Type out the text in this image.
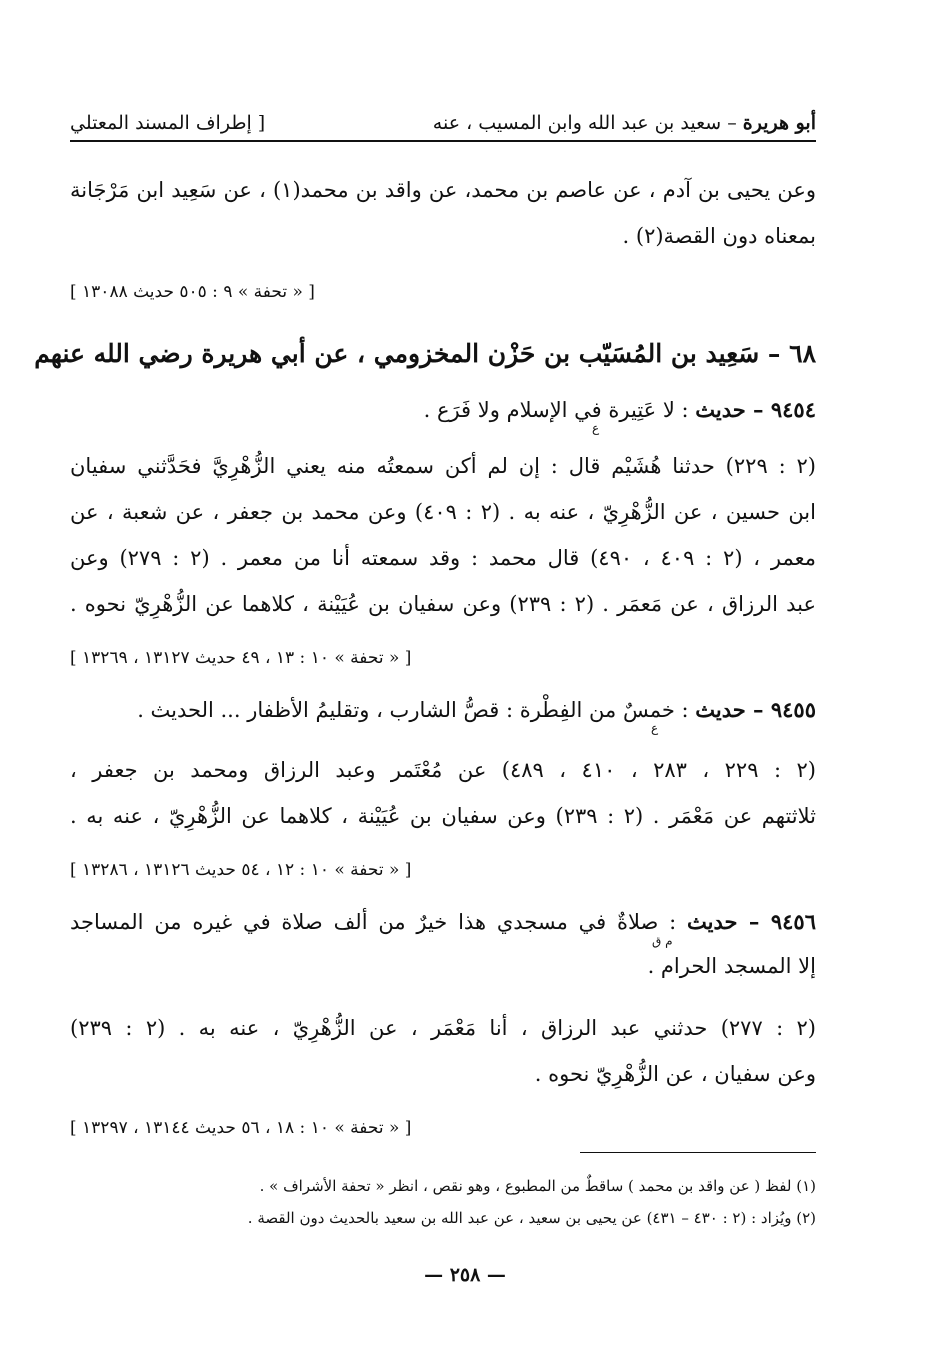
أبو هريرة – سعيد بن عبد الله وابن المسيب ، عنه
[ إطراف المسند المعتلي
وعن يحيى بن آدم ، عن عاصم بن محمد، عن واقد بن محمد(١) ، عن سَعِيد ابن مَرْجَانة
بمعناه دون القصة(٢) .
[ « تحفة » ٩ : ٥٠٥ حديث ١٣٠٨٨ ]
٦٨ – سَعِيد بن المُسَيّب بن حَزْن المخزومي ، عن أبي هريرة رضي الله عنهم
٩٤٥٤ – حديث : لا عَتِيرة في الإسلام ولا فَرَع .
ع
(٢ : ٢٢٩) حدثنا هُشَيْم قال : إن لم أكن سمعتُه منه يعني الزُّهْرِيَّ فحَدَّثني سفيان
ابن حسين ، عن الزُّهْرِيّ ، عنه به . (٢ : ٤٠٩) وعن محمد بن جعفر ، عن شعبة ، عن
معمر ، (٢ : ٤٠٩ ، ٤٩٠) قال محمد : وقد سمعته أنا من معمر . (٢ : ٢٧٩) وعن
عبد الرزاق ، عن مَعمَر . (٢ : ٢٣٩) وعن سفيان بن عُيَيْنة ، كلاهما عن الزُّهْرِيّ نحوه .
[ « تحفة » ١٠ : ١٣ ، ٤٩ حديث ١٣١٢٧ ، ١٣٢٦٩ ]
٩٤٥٥ – حديث : خمسٌ من الفِطْرة : قصُّ الشارب ، وتقليمُ الأظفار ... الحديث .
ع
(٢ : ٢٢٩ ، ٢٨٣ ، ٤١٠ ، ٤٨٩) عن مُعْتَمر وعبد الرزاق ومحمد بن جعفر ،
ثلاثتهم عن مَعْمَر . (٢ : ٢٣٩) وعن سفيان بن عُيَيْنة ، كلاهما عن الزُّهْرِيّ ، عنه به .
[ « تحفة » ١٠ : ١٢ ، ٥٤ حديث ١٣١٢٦ ، ١٣٢٨٦ ]
٩٤٥٦ – حديث : صلاةٌ في مسجدي هذا خيرٌ من ألف صلاة في غيره من المساجد
م ق
إلا المسجد الحرام .
(٢ : ٢٧٧) حدثني عبد الرزاق ، أنا مَعْمَر ، عن الزُّهْرِيّ ، عنه به . (٢ : ٢٣٩)
وعن سفيان ، عن الزُّهْرِيّ نحوه .
[ « تحفة » ١٠ : ١٨ ، ٥٦ حديث ١٣١٤٤ ، ١٣٢٩٧ ]
(١) لفظ ( عن واقد بن محمد ) ساقطٌ من المطبوع ، وهو نقص ، انظر « تحفة الأشراف » .
(٢) ويُزاد : (٢ : ٤٣٠ – ٤٣١) عن يحيى بن سعيد ، عن عبد الله بن سعيد بالحديث دون القصة .
— ٢٥٨ —
